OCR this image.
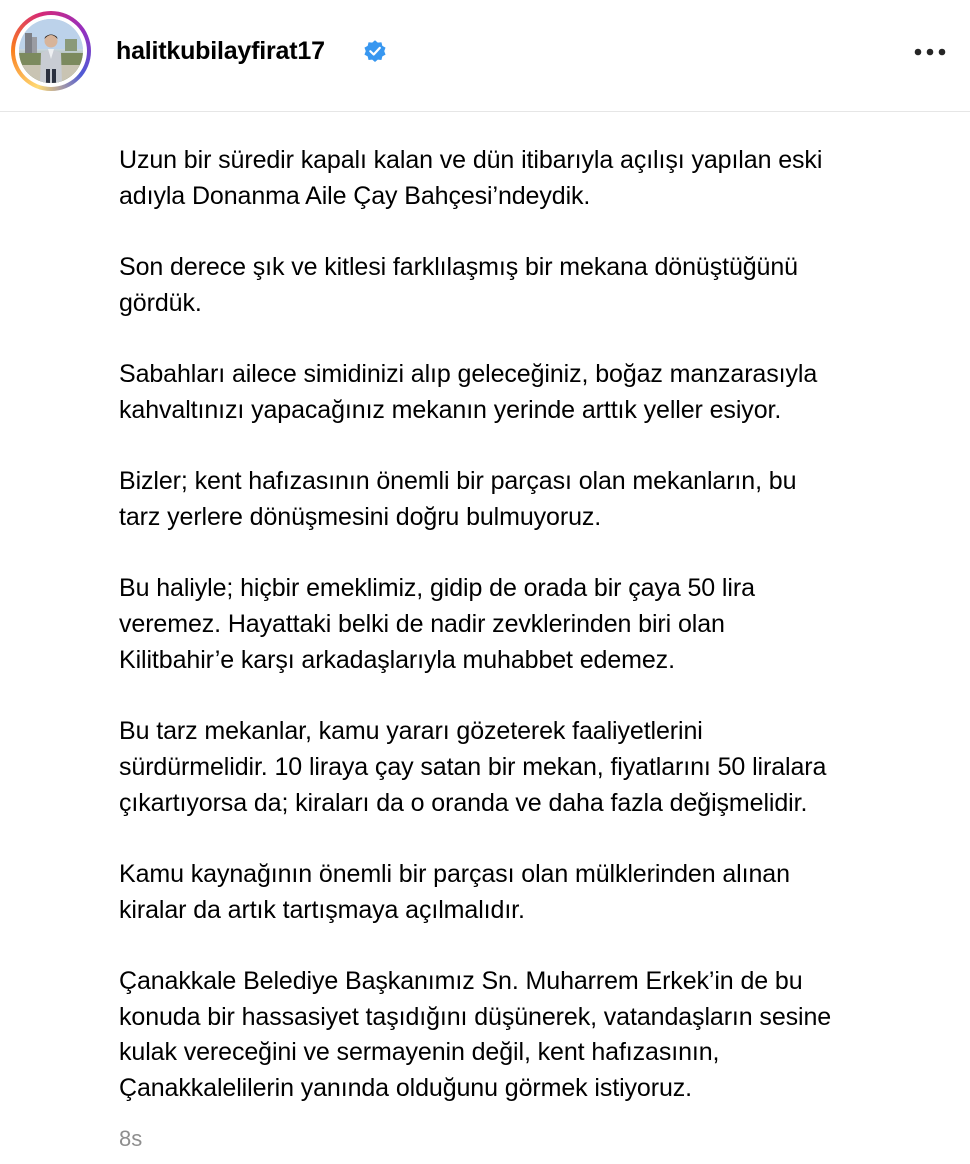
halitkubilayfirat17

Uzun bir süredir kapalı kalan ve dün itibarıyla açılışı yapılan eski
adıyla Donanma Aile Çay Bahçesi’ndeydik.

Son derece şık ve kitlesi farklılaşmış bir mekana dönüştüğünü
gördük.

Sabahları ailece simidinizi alıp geleceğiniz, boğaz manzarasıyla
kahvaltınızı yapacağınız mekanın yerinde arttık yeller esiyor.

Bizler; kent hafızasının önemli bir parçası olan mekanların, bu
tarz yerlere dönüşmesini doğru bulmuyoruz.

Bu haliyle; hiçbir emeklimiz, gidip de orada bir çaya 50 lira
veremez. Hayattaki belki de nadir zevklerinden biri olan
Kilitbahir’e karşı arkadaşlarıyla muhabbet edemez.

Bu tarz mekanlar, kamu yararı gözeterek faaliyetlerini
sürdürmelidir. 10 liraya çay satan bir mekan, fiyatlarını 50 liralara
çıkartıyorsa da; kiraları da o oranda ve daha fazla değişmelidir.

Kamu kaynağının önemli bir parçası olan mülklerinden alınan
kiralar da artık tartışmaya açılmalıdır.

Çanakkale Belediye Başkanımız Sn. Muharrem Erkek’in de bu
konuda bir hassasiyet taşıdığını düşünerek, vatandaşların sesine
kulak vereceğini ve sermayenin değil, kent hafızasının,
Çanakkalelilerin yanında olduğunu görmek istiyoruz.

8s
